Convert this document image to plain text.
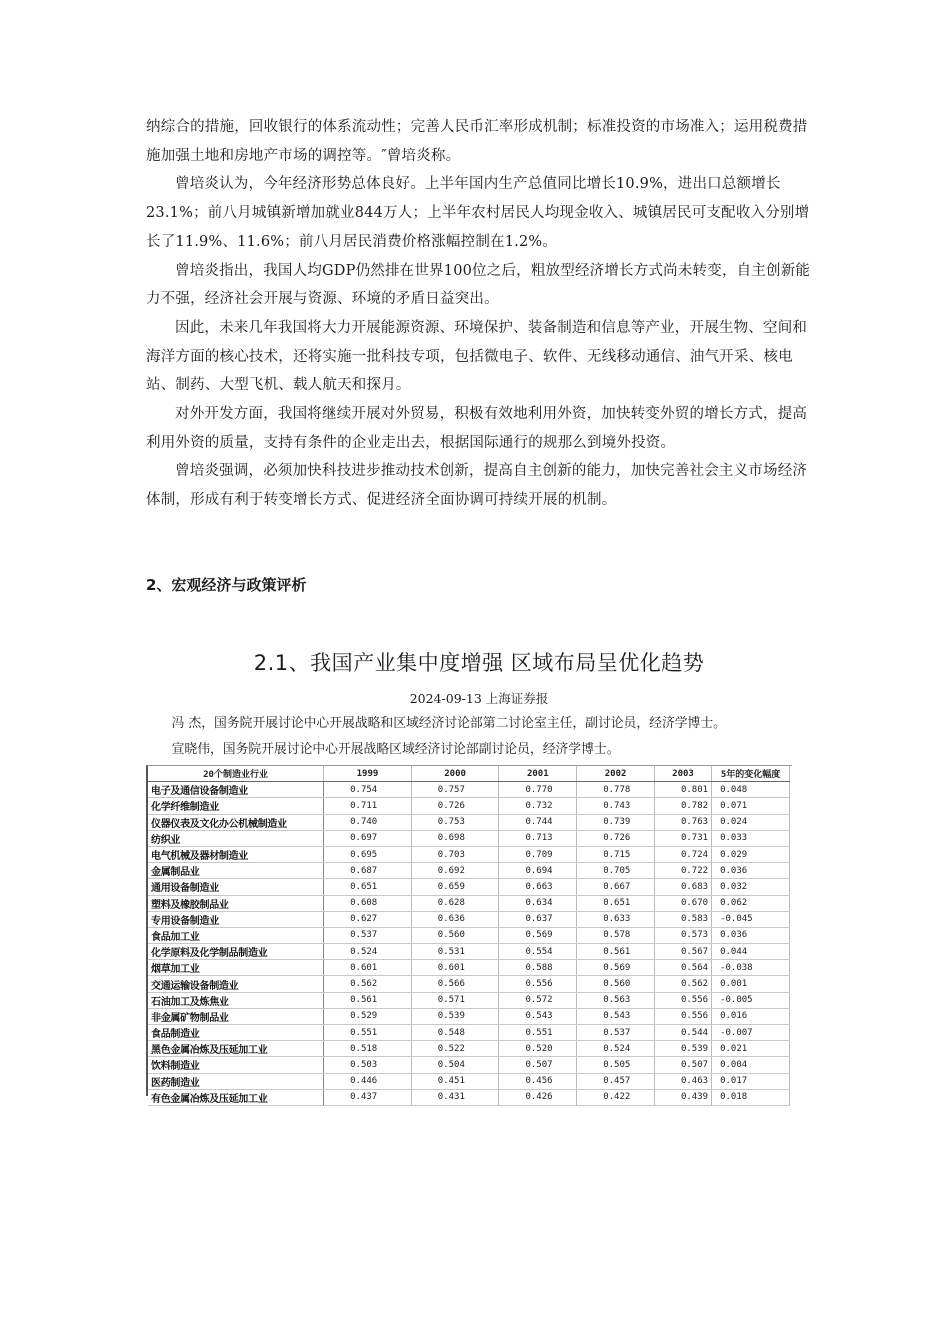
纳综合的措施，回收银行的体系流动性；完善人民币汇率形成机制；标准投资的市场准入；运用税费措施加强土地和房地产市场的调控等。″曾培炎称。

曾培炎认为，今年经济形势总体良好。上半年国内生产总值同比增长10.9%，进出口总额增长23.1%；前八月城镇新增加就业844万人；上半年农村居民人均现金收入、城镇居民可支配收入分别增长了11.9%、11.6%；前八月居民消费价格涨幅控制在1.2%。

曾培炎指出，我国人均GDP仍然排在世界100位之后，粗放型经济增长方式尚未转变，自主创新能力不强，经济社会开展与资源、环境的矛盾日益突出。

因此，未来几年我国将大力开展能源资源、环境保护、装备制造和信息等产业，开展生物、空间和海洋方面的核心技术，还将实施一批科技专项，包括微电子、软件、无线移动通信、油气开采、核电站、制药、大型飞机、载人航天和探月。

对外开发方面，我国将继续开展对外贸易，积极有效地利用外资，加快转变外贸的增长方式，提高利用外资的质量，支持有条件的企业走出去，根据国际通行的规那么到境外投资。

曾培炎强调，必须加快科技进步推动技术创新，提高自主创新的能力，加快完善社会主义市场经济体制，形成有利于转变增长方式、促进经济全面协调可持续开展的机制。

2、宏观经济与政策评析
2.1、我国产业集中度增强 区域布局呈优化趋势
2024-09-13 上海证券报
冯 杰，国务院开展讨论中心开展战略和区域经济讨论部第二讨论室主任，副讨论员，经济学博士。
宣晓伟，国务院开展讨论中心开展战略区域经济讨论部副讨论员，经济学博士。
20个制造业行业	1999	2000	2001	2002	2003	5年的变化幅度
电子及通信设备制造业	0.754	0.757	0.770	0.778	0.801	0.048
化学纤维制造业	0.711	0.726	0.732	0.743	0.782	0.071
仪器仪表及文化办公机械制造业	0.740	0.753	0.744	0.739	0.763	0.024
纺织业	0.697	0.698	0.713	0.726	0.731	0.033
电气机械及器材制造业	0.695	0.703	0.709	0.715	0.724	0.029
金属制品业	0.687	0.692	0.694	0.705	0.722	0.036
通用设备制造业	0.651	0.659	0.663	0.667	0.683	0.032
塑料及橡胶制品业	0.608	0.628	0.634	0.651	0.670	0.062
专用设备制造业	0.627	0.636	0.637	0.633	0.583	-0.045
食品加工业	0.537	0.560	0.569	0.578	0.573	0.036
化学原料及化学制品制造业	0.524	0.531	0.554	0.561	0.567	0.044
烟草加工业	0.601	0.601	0.588	0.569	0.564	-0.038
交通运输设备制造业	0.562	0.566	0.556	0.560	0.562	0.001
石油加工及炼焦业	0.561	0.571	0.572	0.563	0.556	-0.005
非金属矿物制品业	0.529	0.539	0.543	0.543	0.556	0.016
食品制造业	0.551	0.548	0.551	0.537	0.544	-0.007
黑色金属冶炼及压延加工业	0.518	0.522	0.520	0.524	0.539	0.021
饮料制造业	0.503	0.504	0.507	0.505	0.507	0.004
医药制造业	0.446	0.451	0.456	0.457	0.463	0.017
有色金属冶炼及压延加工业	0.437	0.431	0.426	0.422	0.439	0.018
